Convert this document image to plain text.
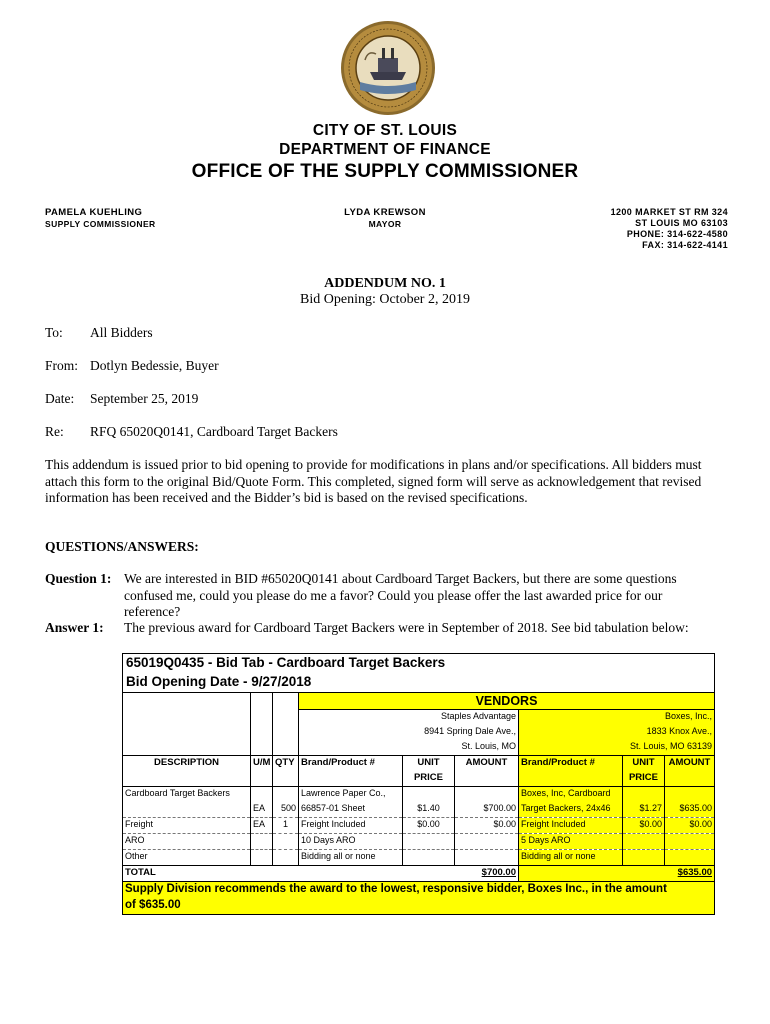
CITY OF ST. LOUIS
DEPARTMENT OF FINANCE
OFFICE OF THE SUPPLY COMMISSIONER
PAMELA KUEHLING
SUPPLY COMMISSIONER
LYDA KREWSON
MAYOR
1200 MARKET ST RM 324
ST LOUIS MO 63103
PHONE: 314-622-4580
FAX: 314-622-4141
ADDENDUM NO. 1
Bid Opening: October 2, 2019
To: All Bidders
From: Dotlyn Bedessie, Buyer
Date: September 25, 2019
Re: RFQ 65020Q0141, Cardboard Target Backers
This addendum is issued prior to bid opening to provide for modifications in plans and/or specifications. All bidders must
attach this form to the original Bid/Quote Form. This completed, signed form will serve as acknowledgement that revised
information has been received and the Bidder’s bid is based on the revised specifications.
QUESTIONS/ANSWERS:
Question 1: We are interested in BID #65020Q0141 about Cardboard Target Backers, but there are some questions
confused me, could you please do me a favor? Could you please offer the last awarded price for our
reference?
Answer 1: The previous award for Cardboard Target Backers were in September of 2018. See bid tabulation below:
65019Q0435 - Bid Tab - Cardboard Target Backers								
Bid Opening Date - 9/27/2018								
			VENDORS					
			Staples Advantage			Boxes, Inc.,		
			8941 Spring Dale Ave.,			1833 Knox Ave.,		
			St. Louis, MO			St. Louis, MO 63139		
DESCRIPTION	U/M	QTY	Brand/Product #	UNIT	AMOUNT	Brand/Product #	UNIT	AMOUNT
				PRICE			PRICE	
Cardboard Target Backers			Lawrence Paper Co.,			Boxes, Inc, Cardboard		
	EA	500	66857-01 Sheet	$1.40	$700.00	Target Backers, 24x46	$1.27	$635.00
Freight	EA	1	Freight Included	$0.00	$0.00	Freight Included	$0.00	$0.00
ARO			10 Days ARO			5 Days ARO		
Other			Bidding all or none			Bidding all or none		
TOTAL					$700.00			$635.00
Supply Division recommends the award to the lowest, responsive bidder, Boxes Inc., in the amount								
of $635.00								
